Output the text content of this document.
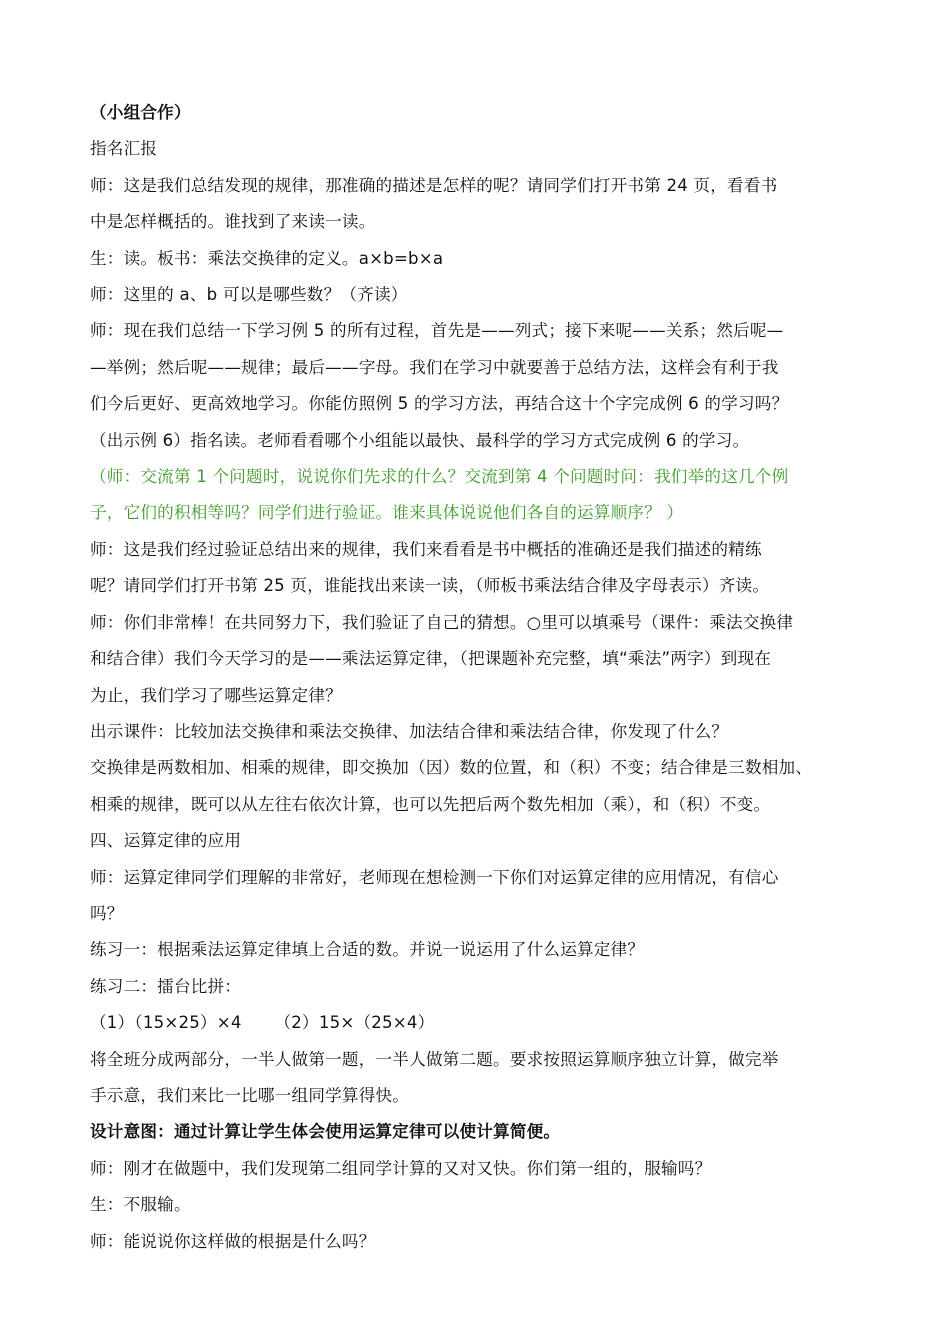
（小组合作）

指名汇报

师：这是我们总结发现的规律，那准确的描述是怎样的呢？请同学们打开书第 24 页，看看书

中是怎样概括的。谁找到了来读一读。

生：读。板书：乘法交换律的定义。a×b=b×a

师：这里的 a、b 可以是哪些数？（齐读）

师：现在我们总结一下学习例 5 的所有过程，首先是——列式；接下来呢——关系；然后呢—

—举例；然后呢——规律；最后——字母。我们在学习中就要善于总结方法，这样会有利于我

们今后更好、更高效地学习。你能仿照例 5 的学习方法，再结合这十个字完成例 6 的学习吗？

（出示例 6）指名读。老师看看哪个小组能以最快、最科学的学习方式完成例 6 的学习。

（师：交流第 1 个问题时，说说你们先求的什么？交流到第 4 个问题时问：我们举的这几个例

子，它们的积相等吗？同学们进行验证。谁来具体说说他们各自的运算顺序？ ）

师：这是我们经过验证总结出来的规律，我们来看看是书中概括的准确还是我们描述的精练

呢？请同学们打开书第 25 页，谁能找出来读一读，（师板书乘法结合律及字母表示）齐读。

师：你们非常棒！在共同努力下，我们验证了自己的猜想。○里可以填乘号（课件：乘法交换律

和结合律）我们今天学习的是——乘法运算定律，（把课题补充完整，填“乘法”两字）到现在

为止，我们学习了哪些运算定律？

出示课件：比较加法交换律和乘法交换律、加法结合律和乘法结合律，你发现了什么？

交换律是两数相加、相乘的规律，即交换加（因）数的位置，和（积）不变；结合律是三数相加、

相乘的规律，既可以从左往右依次计算，也可以先把后两个数先相加（乘），和（积）不变。

四、运算定律的应用

师：运算定律同学们理解的非常好，老师现在想检测一下你们对运算定律的应用情况，有信心

吗？

练习一：根据乘法运算定律填上合适的数。并说一说运用了什么运算定律？

练习二：擂台比拼：

（1）（15×25）×4      （2）15×（25×4）

将全班分成两部分，一半人做第一题，一半人做第二题。要求按照运算顺序独立计算，做完举

手示意，我们来比一比哪一组同学算得快。

设计意图：通过计算让学生体会使用运算定律可以使计算简便。

师：刚才在做题中，我们发现第二组同学计算的又对又快。你们第一组的，服输吗？

生：不服输。

师：能说说你这样做的根据是什么吗？
